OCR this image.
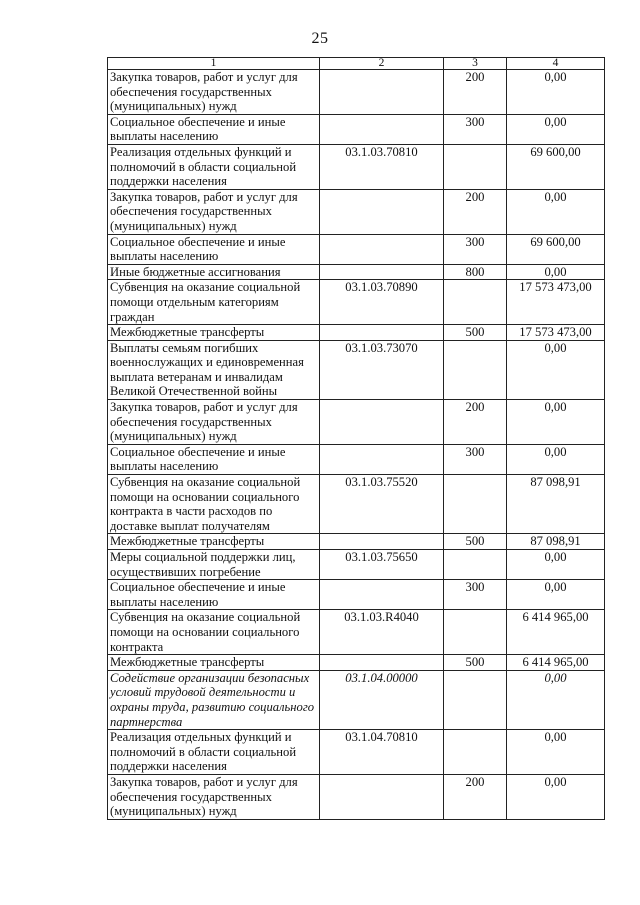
25
1	2	3	4
Закупка товаров, работ и услуг для обеспечения государственных (муниципальных) нужд		200	0,00
Социальное обеспечение и иные выплаты населению		300	0,00
Реализация отдельных функций и полномочий в области социальной поддержки населения	03.1.03.70810		69 600,00
Закупка товаров, работ и услуг для обеспечения государственных (муниципальных) нужд		200	0,00
Социальное обеспечение и иные выплаты населению		300	69 600,00
Иные бюджетные ассигнования		800	0,00
Субвенция на оказание социальной помощи отдельным категориям граждан	03.1.03.70890		17 573 473,00
Межбюджетные трансферты		500	17 573 473,00
Выплаты семьям погибших военнослужащих и единовременная выплата ветеранам и инвалидам Великой Отечественной войны	03.1.03.73070		0,00
Закупка товаров, работ и услуг для обеспечения государственных (муниципальных) нужд		200	0,00
Социальное обеспечение и иные выплаты населению		300	0,00
Субвенция на оказание социальной помощи на основании социального контракта в части расходов по доставке выплат получателям	03.1.03.75520		87 098,91
Межбюджетные трансферты		500	87 098,91
Меры социальной поддержки лиц, осуществивших погребение	03.1.03.75650		0,00
Социальное обеспечение и иные выплаты населению		300	0,00
Субвенция на оказание социальной помощи на основании социального контракта	03.1.03.R4040		6 414 965,00
Межбюджетные трансферты		500	6 414 965,00
Содействие организации безопасных условий трудовой деятельности и охраны труда, развитию социального партнерства	03.1.04.00000		0,00
Реализация отдельных функций и полномочий в области социальной поддержки населения	03.1.04.70810		0,00
Закупка товаров, работ и услуг для обеспечения государственных (муниципальных) нужд		200	0,00
